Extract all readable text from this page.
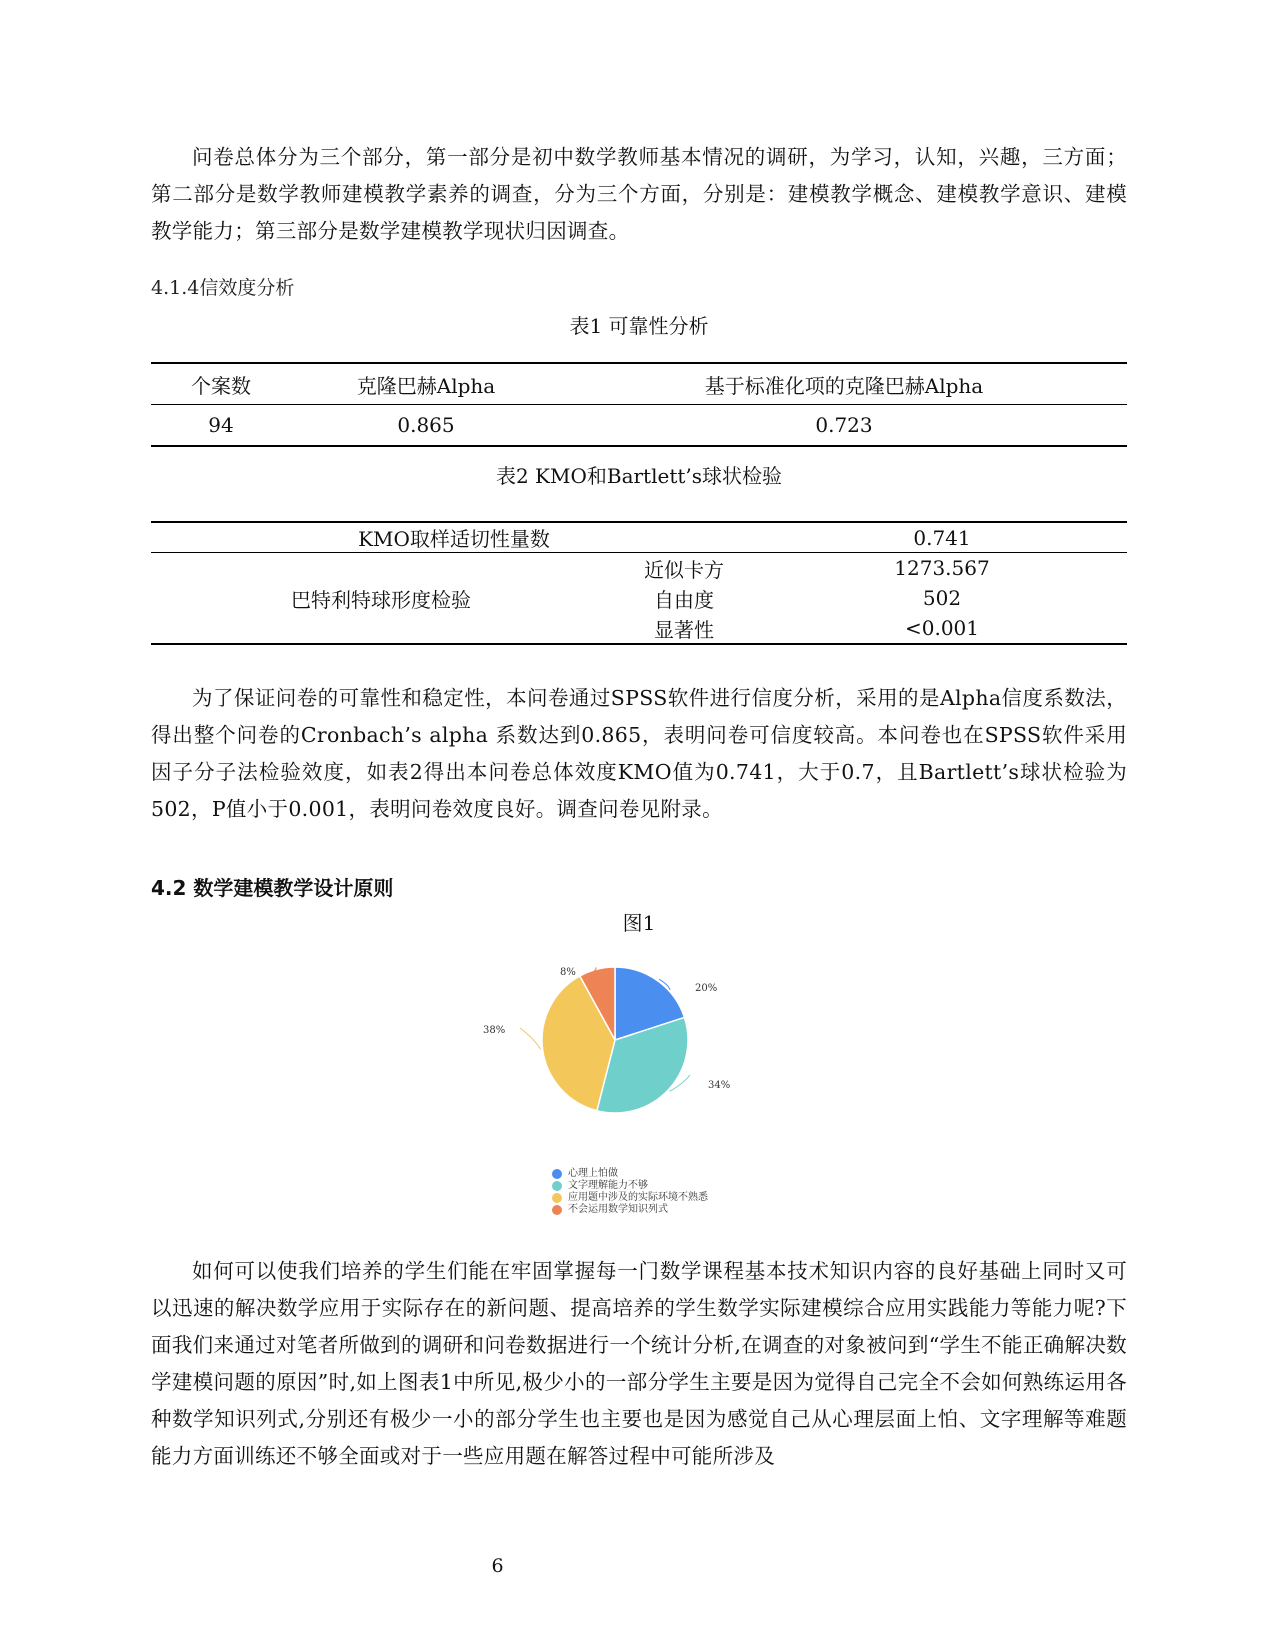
问卷总体分为三个部分，第一部分是初中数学教师基本情况的调研，为学习，认知，兴趣，三方面；第二部分是数学教师建模教学素养的调查，分为三个方面，分别是：建模教学概念、建模教学意识、建模教学能力；第三部分是数学建模教学现状归因调查。

4.1.4信效度分析

表1 可靠性分析

个案数	克隆巴赫Alpha	基于标准化项的克隆巴赫Alpha
94	0.865	0.723

表2 KMO和Bartlett’s球状检验

KMO取样适切性量数		0.741
巴特利特球形度检验	近似卡方	1273.567
	自由度	502
	显著性	<0.001

为了保证问卷的可靠性和稳定性，本问卷通过SPSS软件进行信度分析，采用的是Alpha信度系数法，得出整个问卷的Cronbach’s alpha 系数达到0.865，表明问卷可信度较高。本问卷也在SPSS软件采用因子分子法检验效度，如表2得出本问卷总体效度KMO值为0.741，大于0.7，且Bartlett’s球状检验为502，P值小于0.001，表明问卷效度良好。调查问卷见附录。

4.2 数学建模教学设计原则

图1

20%
34%
38%
8%
心理上怕做
文字理解能力不够
应用题中涉及的实际环境不熟悉
不会运用数学知识列式

如何可以使我们培养的学生们能在牢固掌握每一门数学课程基本技术知识内容的良好基础上同时又可以迅速的解决数学应用于实际存在的新问题、提高培养的学生数学实际建模综合应用实践能力等能力呢?下面我们来通过对笔者所做到的调研和问卷数据进行一个统计分析,在调查的对象被问到“学生不能正确解决数学建模问题的原因”时,如上图表1中所见,极少小的一部分学生主要是因为觉得自己完全不会如何熟练运用各种数学知识列式,分别还有极少一小的部分学生也主要也是因为感觉自己从心理层面上怕、文字理解等难题能力方面训练还不够全面或对于一些应用题在解答过程中可能所涉及

6
